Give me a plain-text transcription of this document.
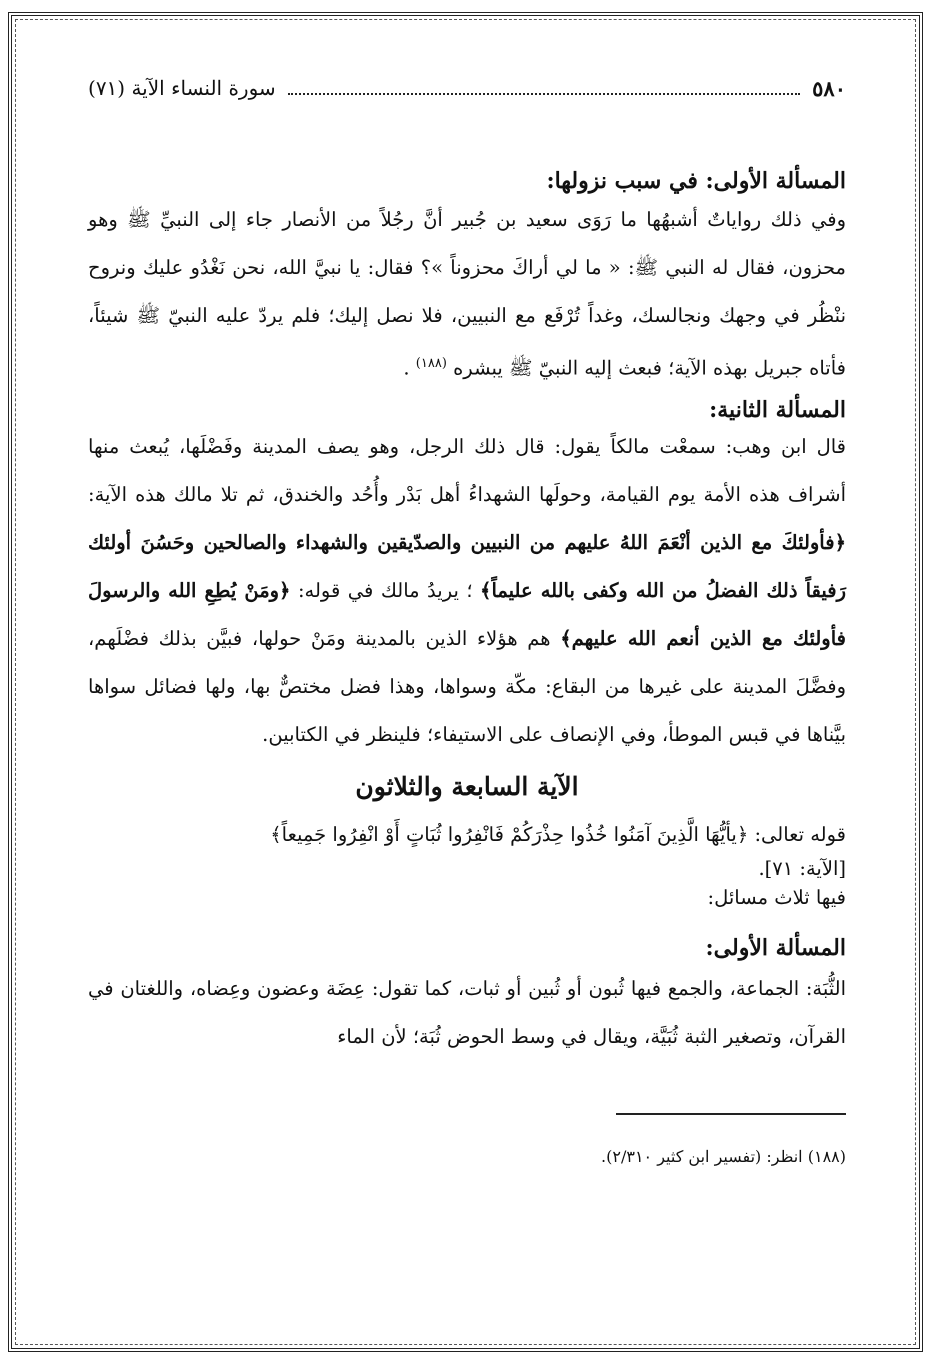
٥٨٠
سورة النساء الآية (٧١)

المسألة الأولى: في سبب نزولها:

وفي ذلك رواياتٌ أشبهُها ما رَوَى سعيد بن جُبير أنَّ رجُلاً من الأنصار جاء إلى النبيِّ ﷺ وهو محزون، فقال له النبي ﷺ: « ما لي أراكَ محزوناً »؟ فقال: يا نبيَّ الله، نحن نَغْدُو عليك ونروح ننْظُر في وجهك ونجالسك، وغداً تُرْفَع مع النبيين، فلا نصل إليك؛ فلم يردّ عليه النبيّ ﷺ شيئاً، فأتاه جبريل بهذه الآية؛ فبعث إليه النبيّ ﷺ يبشره $^{(١٨٨)}$ .

المسألة الثانية:

قال ابن وهب: سمعْت مالكاً يقول: قال ذلك الرجل، وهو يصف المدينة وفَضْلَها، يُبعث منها أشراف هذه الأمة يوم القيامة، وحولَها الشهداءُ أهل بَدْر وأُحُد والخندق، ثم تلا مالك هذه الآية: ﴿فأولئكَ مع الذين أنْعَمَ اللهُ عليهم من النبيين والصدّيقين والشهداء والصالحين وحَسُنَ أولئك رَفيقاً ذلك الفضلُ من الله وكفى بالله عليماً﴾ ؛ يريدُ مالك في قوله: ﴿ومَنْ يُطِعِ الله والرسولَ فأولئك مع الذين أنعم الله عليهم﴾ هم هؤلاء الذين بالمدينة ومَنْ حولها، فبيَّن بذلك فضْلَهم، وفضَّلَ المدينة على غيرها من البقاع: مكّة وسواها، وهذا فضل مختصٌّ بها، ولها فضائل سواها بيَّناها في قبس الموطأ، وفي الإنصاف على الاستيفاء؛ فلينظر في الكتابين.

الآية السابعة والثلاثون

قوله تعالى: ﴿يأيُّهَا الَّذِينَ آمَنُوا خُذُوا حِذْرَكُمْ فَانْفِرُوا ثُبَاتٍ أَوْ انْفِرُوا جَمِيعاً﴾

[الآية: ٧١].

فيها ثلاث مسائل:

المسألة الأولى:

الثُّبَة: الجماعة، والجمع فيها ثُبون أو ثُبين أو ثبات، كما تقول: عِضَة وعضون وعِضاه، واللغتان في القرآن، وتصغير الثبة ثُبَيَّة، ويقال في وسط الحوض ثُبَة؛ لأن الماء

(١٨٨) انظر: (تفسير ابن كثير ٢/٣١٠).
